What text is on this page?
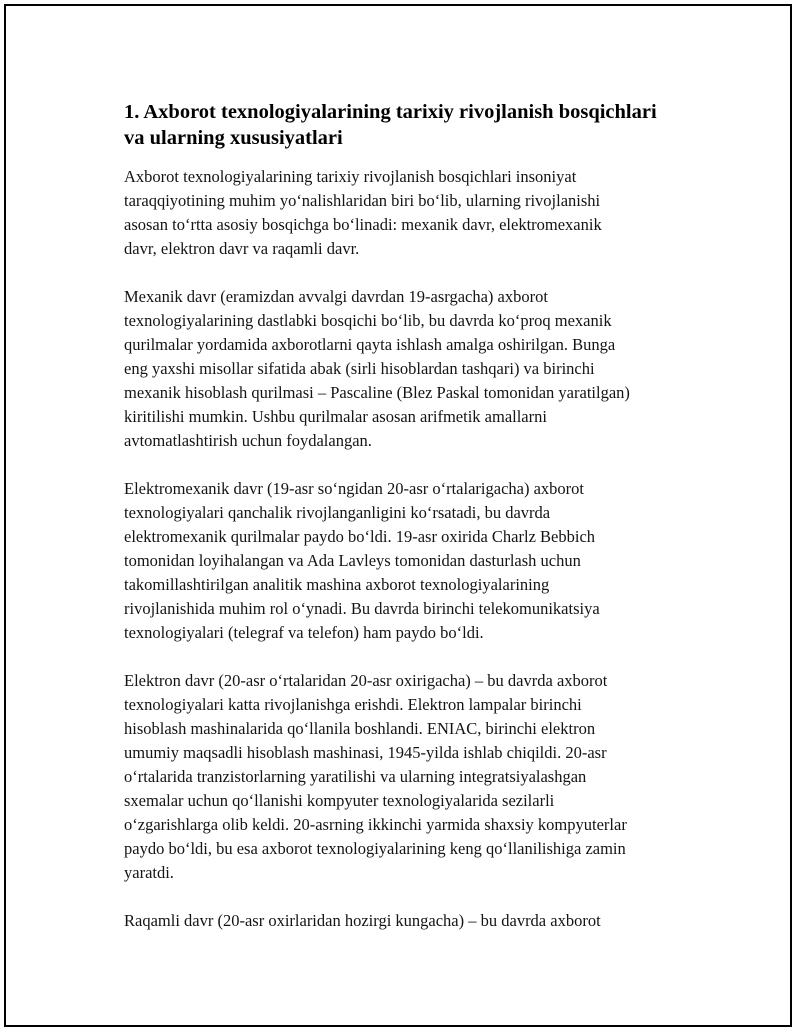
1. Axborot texnologiyalarining tarixiy rivojlanish bosqichlari
va ularning xususiyatlari

Axborot texnologiyalarining tarixiy rivojlanish bosqichlari insoniyat
taraqqiyotining muhim yo‘nalishlaridan biri bo‘lib, ularning rivojlanishi
asosan to‘rtta asosiy bosqichga bo‘linadi: mexanik davr, elektromexanik
davr, elektron davr va raqamli davr.

Mexanik davr (eramizdan avvalgi davrdan 19-asrgacha) axborot
texnologiyalarining dastlabki bosqichi bo‘lib, bu davrda ko‘proq mexanik
qurilmalar yordamida axborotlarni qayta ishlash amalga oshirilgan. Bunga
eng yaxshi misollar sifatida abak (sirli hisoblardan tashqari) va birinchi
mexanik hisoblash qurilmasi – Pascaline (Blez Paskal tomonidan yaratilgan)
kiritilishi mumkin. Ushbu qurilmalar asosan arifmetik amallarni
avtomatlashtirish uchun foydalangan.

Elektromexanik davr (19-asr so‘ngidan 20-asr o‘rtalarigacha) axborot
texnologiyalari qanchalik rivojlanganligini ko‘rsatadi, bu davrda
elektromexanik qurilmalar paydo bo‘ldi. 19-asr oxirida Charlz Bebbich
tomonidan loyihalangan va Ada Lavleys tomonidan dasturlash uchun
takomillashtirilgan analitik mashina axborot texnologiyalarining
rivojlanishida muhim rol o‘ynadi. Bu davrda birinchi telekomunikatsiya
texnologiyalari (telegraf va telefon) ham paydo bo‘ldi.

Elektron davr (20-asr o‘rtalaridan 20-asr oxirigacha) – bu davrda axborot
texnologiyalari katta rivojlanishga erishdi. Elektron lampalar birinchi
hisoblash mashinalarida qo‘llanila boshlandi. ENIAC, birinchi elektron
umumiy maqsadli hisoblash mashinasi, 1945-yilda ishlab chiqildi. 20-asr
o‘rtalarida tranzistorlarning yaratilishi va ularning integratsiyalashgan
sxemalar uchun qo‘llanishi kompyuter texnologiyalarida sezilarli
o‘zgarishlarga olib keldi. 20-asrning ikkinchi yarmida shaxsiy kompyuterlar
paydo bo‘ldi, bu esa axborot texnologiyalarining keng qo‘llanilishiga zamin
yaratdi.

Raqamli davr (20-asr oxirlaridan hozirgi kungacha) – bu davrda axborot
